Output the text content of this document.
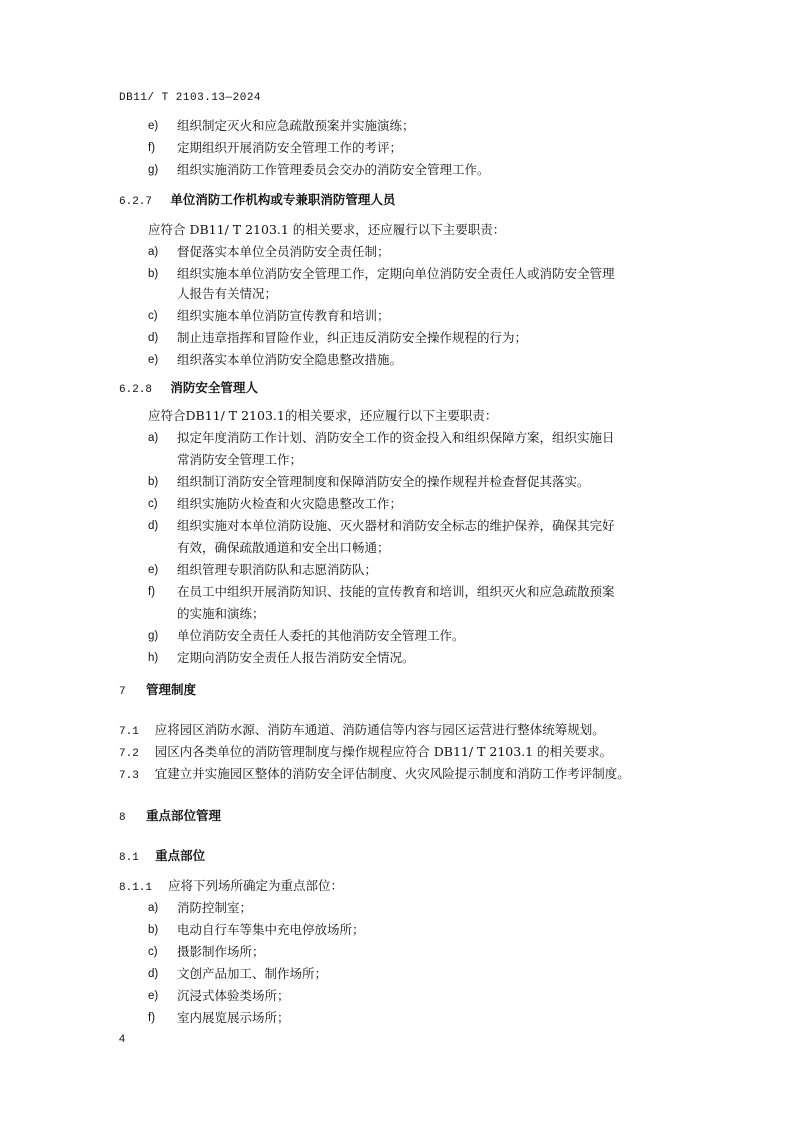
DB11/ T 2103.13—2024
e) 组织制定灭火和应急疏散预案并实施演练；
f) 定期组织开展消防安全管理工作的考评；
g) 组织实施消防工作管理委员会交办的消防安全管理工作。
6.2.7 单位消防工作机构或专兼职消防管理人员
应符合 DB11/ T 2103.1 的相关要求，还应履行以下主要职责：
a) 督促落实本单位全员消防安全责任制；
b) 组织实施本单位消防安全管理工作，定期向单位消防安全责任人或消防安全管理
人报告有关情况；
c) 组织实施本单位消防宣传教育和培训；
d) 制止违章指挥和冒险作业，纠正违反消防安全操作规程的行为；
e) 组织落实本单位消防安全隐患整改措施。
6.2.8 消防安全管理人
应符合DB11/ T 2103.1的相关要求，还应履行以下主要职责：
a) 拟定年度消防工作计划、消防安全工作的资金投入和组织保障方案，组织实施日
常消防安全管理工作；
b) 组织制订消防安全管理制度和保障消防安全的操作规程并检查督促其落实。
c) 组织实施防火检查和火灾隐患整改工作；
d) 组织实施对本单位消防设施、灭火器材和消防安全标志的维护保养，确保其完好
有效，确保疏散通道和安全出口畅通；
e) 组织管理专职消防队和志愿消防队；
f) 在员工中组织开展消防知识、技能的宣传教育和培训，组织灭火和应急疏散预案
的实施和演练；
g) 单位消防安全责任人委托的其他消防安全管理工作。
h) 定期向消防安全责任人报告消防安全情况。
7 管理制度
7.1 应将园区消防水源、消防车通道、消防通信等内容与园区运营进行整体统筹规划。
7.2 园区内各类单位的消防管理制度与操作规程应符合 DB11/ T 2103.1 的相关要求。
7.3 宜建立并实施园区整体的消防安全评估制度、火灾风险提示制度和消防工作考评制度。
8 重点部位管理
8.1 重点部位
8.1.1 应将下列场所确定为重点部位：
a) 消防控制室；
b) 电动自行车等集中充电停放场所；
c) 摄影制作场所；
d) 文创产品加工、制作场所；
e) 沉浸式体验类场所；
f) 室内展览展示场所；
4
